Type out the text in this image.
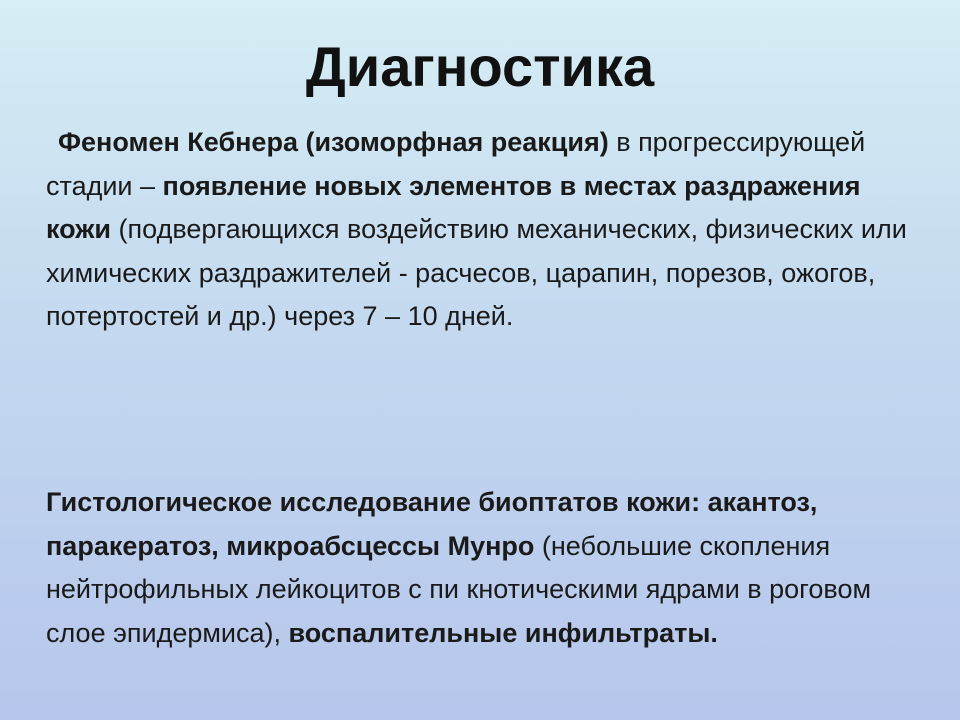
Диагностика
Феномен Кебнера (изоморфная реакция) в прогрессирующей стадии – появление новых элементов в местах раздражения кожи (подвергающихся воздействию механических, физических или химических раздражителей - расчесов, царапин, порезов, ожогов, потертостей и др.) через 7 – 10 дней.
Гистологическое исследование биоптатов кожи: акантоз, паракератоз, микроабсцессы Мунро (небольшие скопления нейтрофильных лейкоцитов с пи кнотическими ядрами в роговом слое эпидермиса), воспалительные инфильтраты.
